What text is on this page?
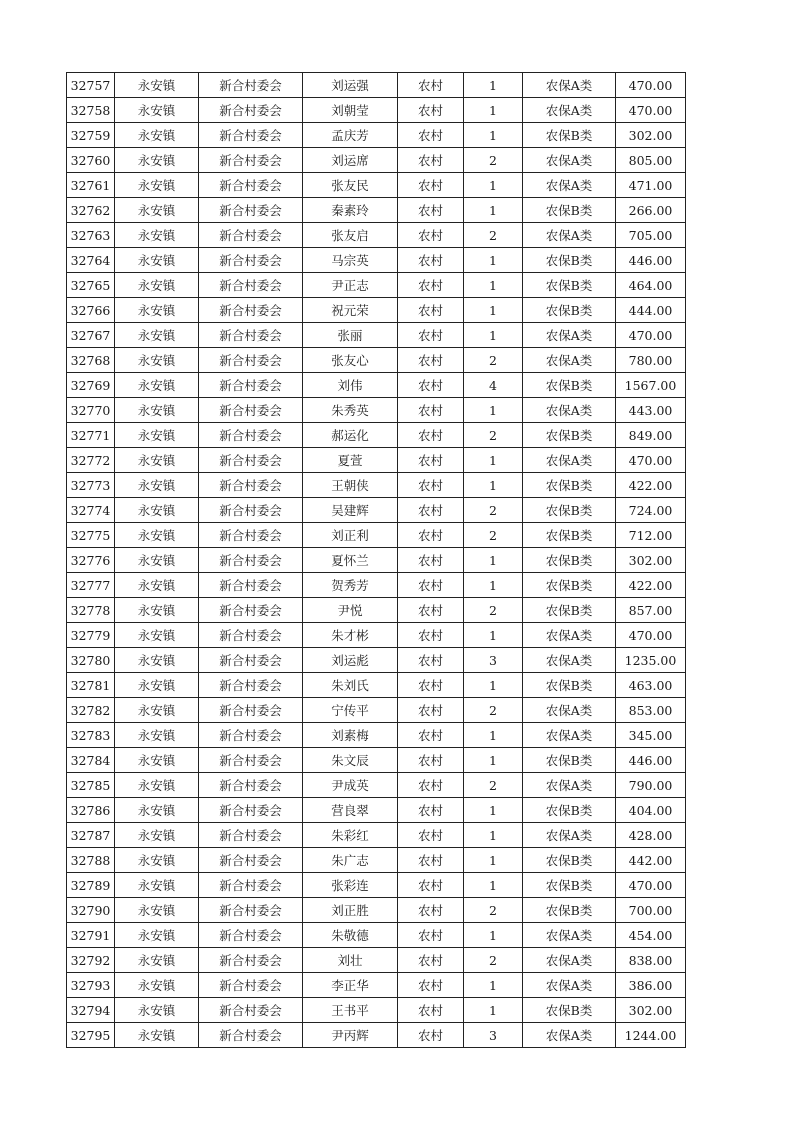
32757	永安镇	新合村委会	刘运强	农村	1	农保A类	470.00
32758	永安镇	新合村委会	刘朝莹	农村	1	农保A类	470.00
32759	永安镇	新合村委会	孟庆芳	农村	1	农保B类	302.00
32760	永安镇	新合村委会	刘运席	农村	2	农保A类	805.00
32761	永安镇	新合村委会	张友民	农村	1	农保A类	471.00
32762	永安镇	新合村委会	秦素玲	农村	1	农保B类	266.00
32763	永安镇	新合村委会	张友启	农村	2	农保A类	705.00
32764	永安镇	新合村委会	马宗英	农村	1	农保B类	446.00
32765	永安镇	新合村委会	尹正志	农村	1	农保B类	464.00
32766	永安镇	新合村委会	祝元荣	农村	1	农保B类	444.00
32767	永安镇	新合村委会	张丽	农村	1	农保A类	470.00
32768	永安镇	新合村委会	张友心	农村	2	农保A类	780.00
32769	永安镇	新合村委会	刘伟	农村	4	农保B类	1567.00
32770	永安镇	新合村委会	朱秀英	农村	1	农保A类	443.00
32771	永安镇	新合村委会	郝运化	农村	2	农保B类	849.00
32772	永安镇	新合村委会	夏萱	农村	1	农保A类	470.00
32773	永安镇	新合村委会	王朝侠	农村	1	农保B类	422.00
32774	永安镇	新合村委会	吴建辉	农村	2	农保B类	724.00
32775	永安镇	新合村委会	刘正利	农村	2	农保B类	712.00
32776	永安镇	新合村委会	夏怀兰	农村	1	农保B类	302.00
32777	永安镇	新合村委会	贺秀芳	农村	1	农保B类	422.00
32778	永安镇	新合村委会	尹悦	农村	2	农保B类	857.00
32779	永安镇	新合村委会	朱才彬	农村	1	农保A类	470.00
32780	永安镇	新合村委会	刘运彪	农村	3	农保A类	1235.00
32781	永安镇	新合村委会	朱刘氏	农村	1	农保B类	463.00
32782	永安镇	新合村委会	宁传平	农村	2	农保A类	853.00
32783	永安镇	新合村委会	刘素梅	农村	1	农保A类	345.00
32784	永安镇	新合村委会	朱文辰	农村	1	农保B类	446.00
32785	永安镇	新合村委会	尹成英	农村	2	农保A类	790.00
32786	永安镇	新合村委会	营良翠	农村	1	农保B类	404.00
32787	永安镇	新合村委会	朱彩红	农村	1	农保A类	428.00
32788	永安镇	新合村委会	朱广志	农村	1	农保B类	442.00
32789	永安镇	新合村委会	张彩连	农村	1	农保B类	470.00
32790	永安镇	新合村委会	刘正胜	农村	2	农保B类	700.00
32791	永安镇	新合村委会	朱敬德	农村	1	农保A类	454.00
32792	永安镇	新合村委会	刘壮	农村	2	农保A类	838.00
32793	永安镇	新合村委会	李正华	农村	1	农保A类	386.00
32794	永安镇	新合村委会	王书平	农村	1	农保B类	302.00
32795	永安镇	新合村委会	尹丙辉	农村	3	农保A类	1244.00
